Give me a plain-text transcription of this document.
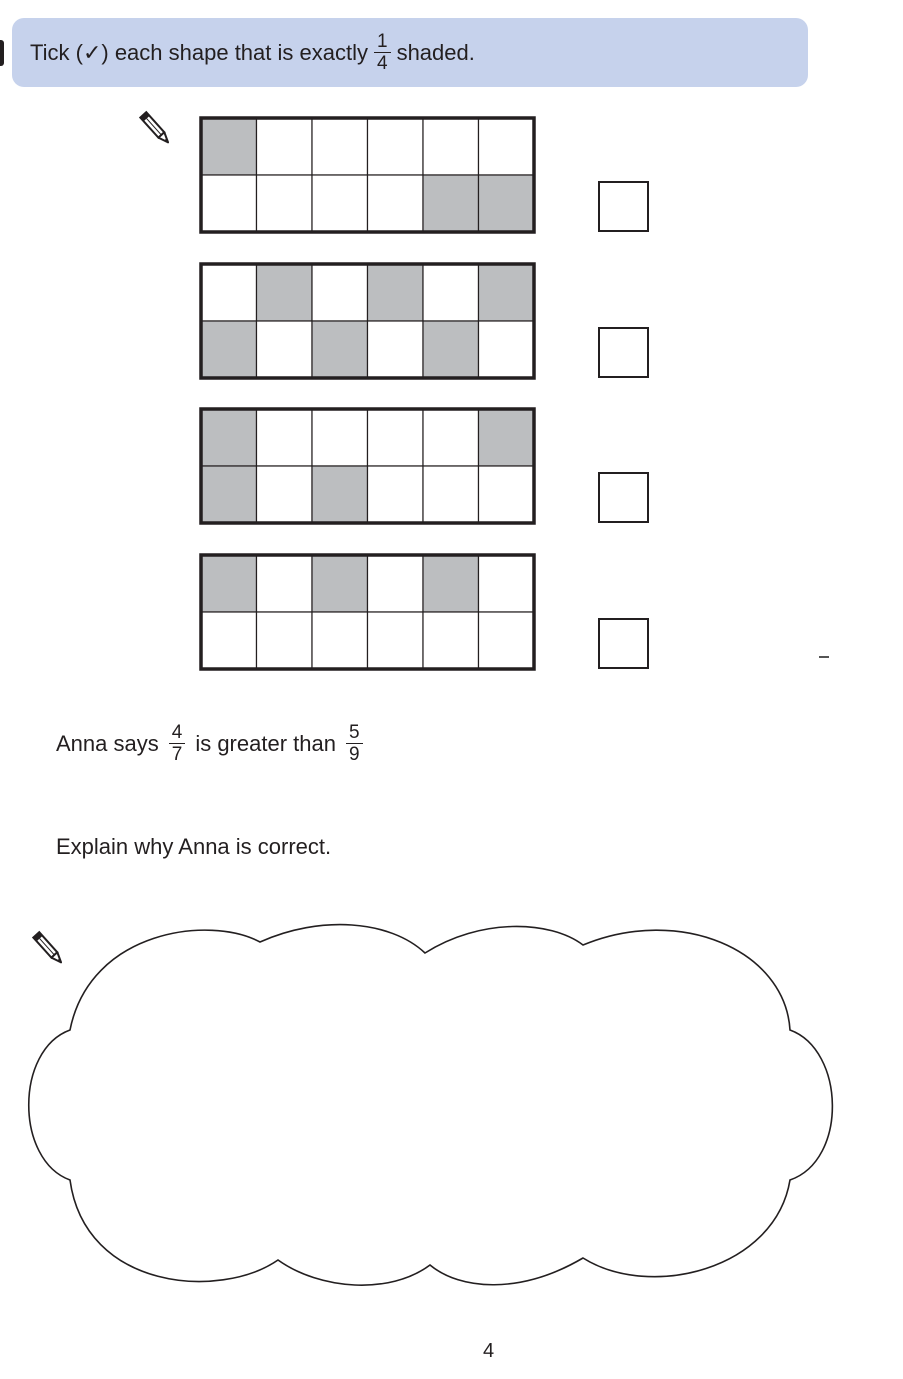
Tick (✓) each shape that is exactly $\frac{1}{4}$ shaded.
Anna says $\frac{4}{7}$ is greater than $\frac{5}{9}$
Explain why Anna is correct.
4
